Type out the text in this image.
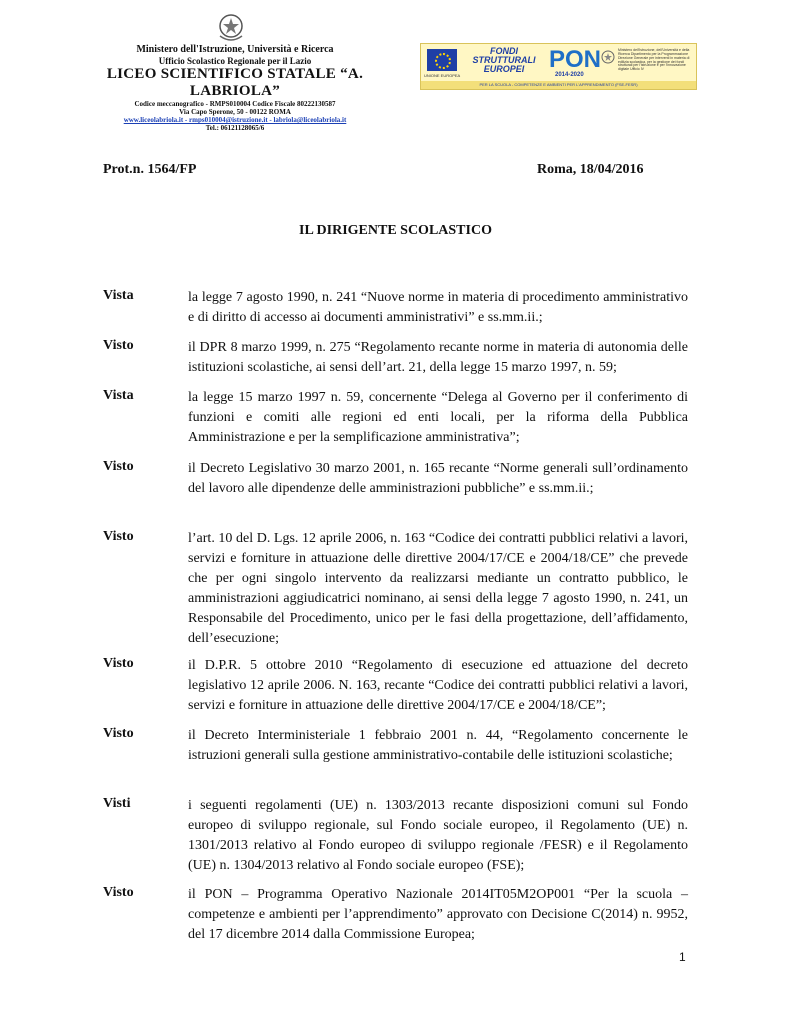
Ministero dell'Istruzione, Università e Ricerca
Ufficio Scolastico Regionale per il Lazio
LICEO SCIENTIFICO STATALE “A. LABRIOLA”
Codice meccanografico - RMPS010004 Codice Fiscale 80222130587
Via Capo Sperone, 50 - 00122 ROMA
www.liceolabriola.it - rmps010004@istruzione.it - labriola@liceolabriola.it
Tel.: 06121128065/6
UNIONE EUROPEA
FONDI
STRUTTURALI
EUROPEI	PON
2014-2020
Ministero dell'Istruzione, dell'Università e della Ricerca Dipartimento per la Programmazione Direzione Generale per interventi in materia di edilizia scolastica, per la gestione dei fondi strutturali per l'istruzione e per l'innovazione digitale Ufficio IV
PER LA SCUOLA - COMPETENZE E AMBIENTI PER L'APPRENDIMENTO (FSE-FESR)
Prot.n. 1564/FP	Roma, 18/04/2016
IL DIRIGENTE SCOLASTICO
Vista	la legge 7 agosto 1990, n. 241 “Nuove norme in materia di procedimento amministrativo e di diritto di accesso ai documenti amministrativi” e ss.mm.ii.;
Visto	il DPR 8 marzo 1999, n. 275 “Regolamento recante norme in materia di autonomia delle istituzioni scolastiche, ai sensi dell’art. 21, della legge 15 marzo 1997, n. 59;
Vista	la legge 15 marzo 1997 n. 59, concernente “Delega al Governo per il conferimento di funzioni e comiti alle regioni ed enti locali, per la riforma della Pubblica Amministrazione e per la semplificazione amministrativa”;
Visto	il Decreto Legislativo 30 marzo 2001, n. 165 recante “Norme generali sull’ordinamento del lavoro alle dipendenze delle amministrazioni pubbliche” e ss.mm.ii.;
Visto	l’art. 10 del D. Lgs. 12 aprile 2006, n. 163 “Codice dei contratti pubblici relativi a lavori, servizi e forniture in attuazione delle direttive 2004/17/CE e 2004/18/CE” che prevede che per ogni singolo intervento da realizzarsi mediante un contratto pubblico, le amministrazioni aggiudicatrici nominano, ai sensi della legge 7 agosto 1990, n. 241, un Responsabile del Procedimento, unico per le fasi della progettazione, dell’affidamento, dell’esecuzione;
Visto	il D.P.R. 5 ottobre 2010 “Regolamento di esecuzione ed attuazione del decreto legislativo 12 aprile 2006. N. 163, recante “Codice dei contratti pubblici relativi a lavori, servizi e forniture in attuazione delle direttive 2004/17/CE e 2004/18/CE”;
Visto	il Decreto Interministeriale 1 febbraio 2001 n. 44, “Regolamento concernente le istruzioni generali sulla gestione amministrativo-contabile delle istituzioni scolastiche;
Visti	i seguenti regolamenti (UE) n. 1303/2013 recante disposizioni comuni sul Fondo europeo di sviluppo regionale, sul Fondo sociale europeo, il Regolamento (UE) n. 1301/2013 relativo al Fondo europeo di sviluppo regionale /FESR) e il Regolamento (UE) n. 1304/2013 relativo al Fondo sociale europeo (FSE);
Visto	il PON – Programma Operativo Nazionale 2014IT05M2OP001 “Per la scuola – competenze e ambienti per l’apprendimento” approvato con Decisione C(2014) n. 9952, del 17 dicembre 2014 dalla Commissione Europea;
1
